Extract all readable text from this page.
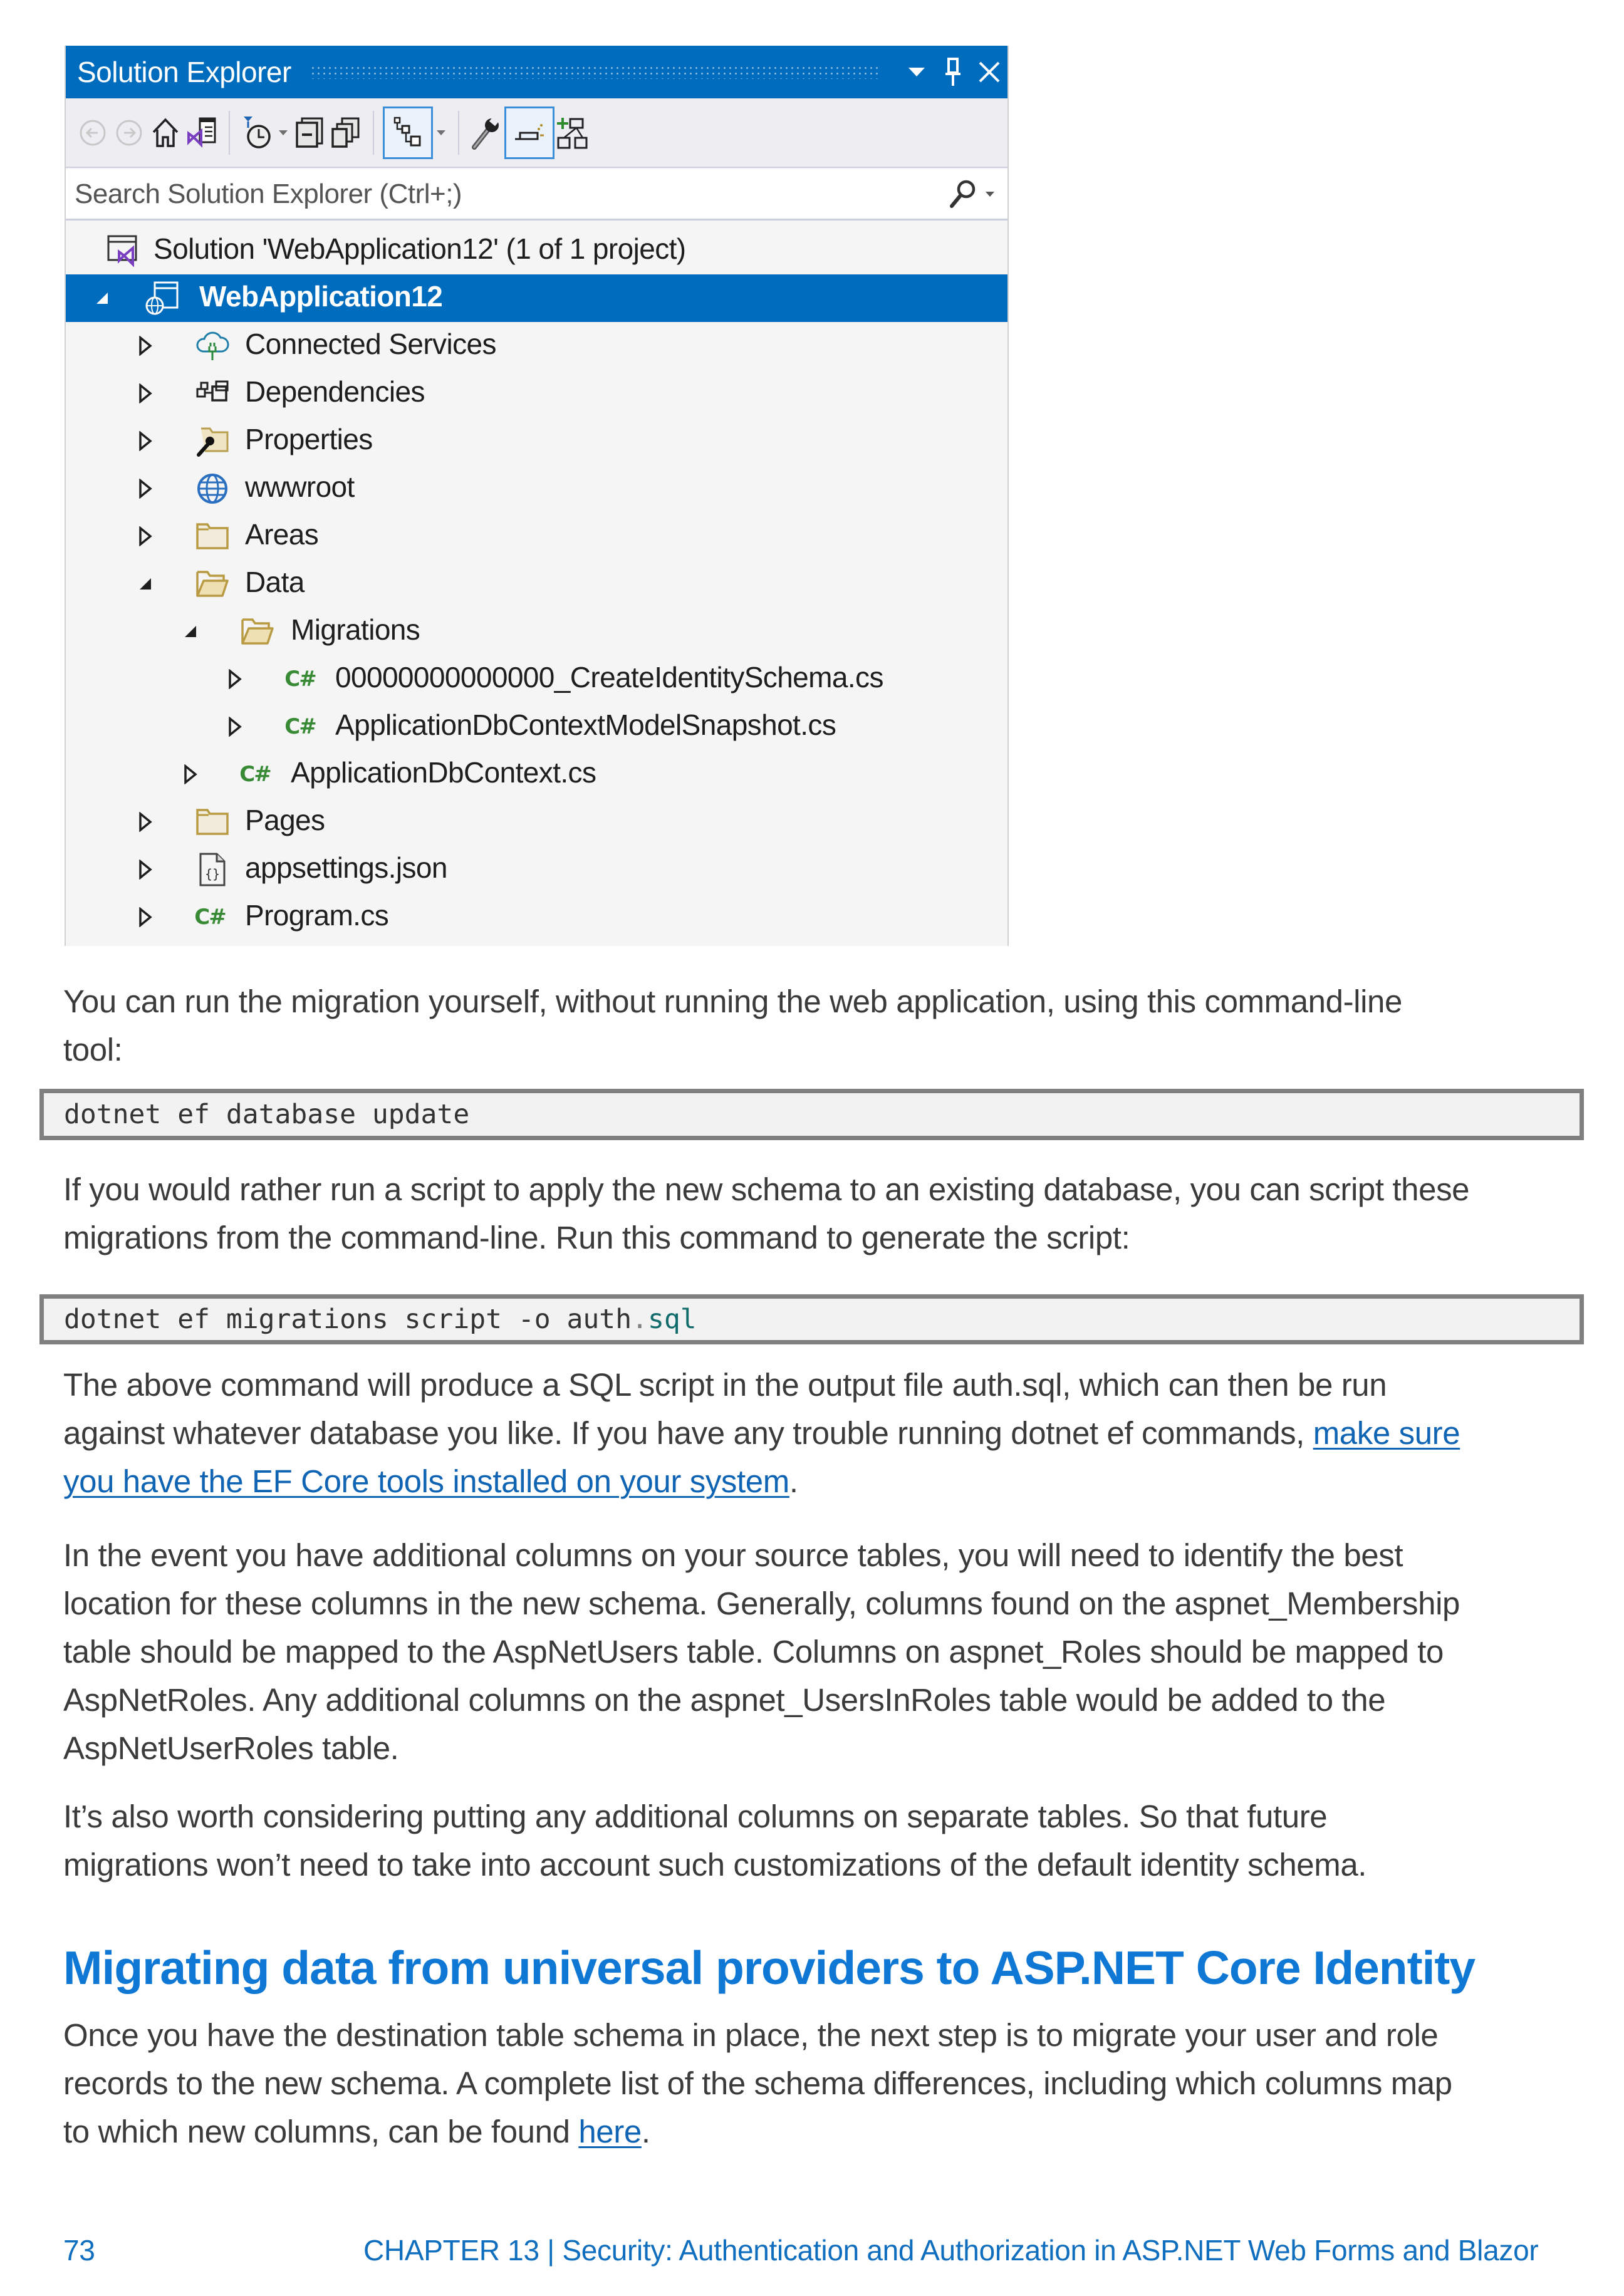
Solution Explorer
Search Solution Explorer (Ctrl+;)
Solution 'WebApplication12' (1 of 1 project)
WebApplication12
Connected Services
Dependencies
Properties
wwwroot
Areas
Data
Migrations
C# 00000000000000_CreateIdentitySchema.cs
C# ApplicationDbContextModelSnapshot.cs
C# ApplicationDbContext.cs
Pages
{} appsettings.json
C# Program.cs
You can run the migration yourself, without running the web application, using this command-line
tool:
dotnet ef database update
If you would rather run a script to apply the new schema to an existing database, you can script these
migrations from the command-line. Run this command to generate the script:
dotnet ef migrations script -o auth.sql
The above command will produce a SQL script in the output file auth.sql, which can then be run
against whatever database you like. If you have any trouble running dotnet ef commands, make sure
you have the EF Core tools installed on your system.
In the event you have additional columns on your source tables, you will need to identify the best
location for these columns in the new schema. Generally, columns found on the aspnet_Membership
table should be mapped to the AspNetUsers table. Columns on aspnet_Roles should be mapped to
AspNetRoles. Any additional columns on the aspnet_UsersInRoles table would be added to the
AspNetUserRoles table.
It’s also worth considering putting any additional columns on separate tables. So that future
migrations won’t need to take into account such customizations of the default identity schema.
Migrating data from universal providers to ASP.NET Core Identity
Once you have the destination table schema in place, the next step is to migrate your user and role
records to the new schema. A complete list of the schema differences, including which columns map
to which new columns, can be found here.
73	CHAPTER 13 | Security: Authentication and Authorization in ASP.NET Web Forms and Blazor
